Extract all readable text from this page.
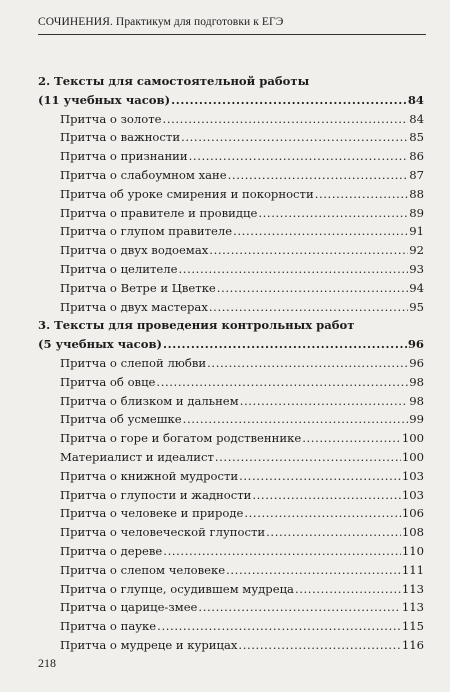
СОЧИНЕНИЯ. Практикум для подготовки к ЕГЭ
2. Тексты для самостоятельной работы
(11 учебных часов) .....	84
Притча о золоте .....	84
Притча о важности .....	85
Притча о признании .....	86
Притча о слабоумном хане .....	87
Притча об уроке смирения и покорности .....	88
Притча о правителе и провидце .....	89
Притча о глупом правителе .....	91
Притча о двух водоемах .....	92
Притча о целителе .....	93
Притча о Ветре и Цветке .....	94
Притча о двух мастерах .....	95
3. Тексты для проведения контрольных работ
(5 учебных часов) .....	96
Притча о слепой любви .....	96
Притча об овце .....	98
Притча о близком и дальнем .....	98
Притча об усмешке .....	99
Притча о горе и богатом родственнике .....	100
Материалист и идеалист .....	100
Притча о книжной мудрости .....	103
Притча о глупости и жадности .....	103
Притча о человеке и природе .....	106
Притча о человеческой глупости .....	108
Притча о дереве .....	110
Притча о слепом человеке .....	111
Притча о глупце, осудившем мудреца .....	113
Притча о царице-змее .....	113
Притча о пауке .....	115
Притча о мудреце и курицах .....	116
218
